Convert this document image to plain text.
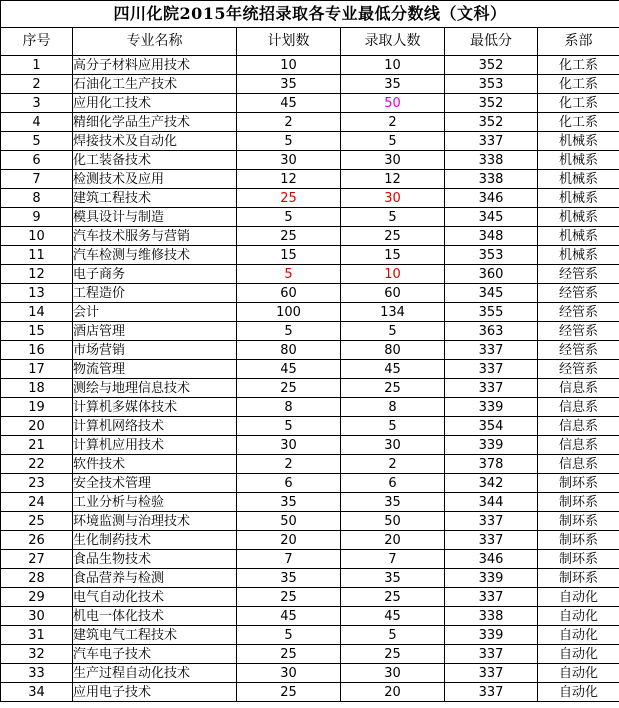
四川化院2015年统招录取各专业最低分数线（文科）					
序号	专业名称	计划数	录取人数	最低分	系部
1	高分子材料应用技术	10	10	352	化工系
2	石油化工生产技术	35	35	353	化工系
3	应用化工技术	45	50	352	化工系
4	精细化学品生产技术	2	2	352	化工系
5	焊接技术及自动化	5	5	337	机械系
6	化工装备技术	30	30	338	机械系
7	检测技术及应用	12	12	338	机械系
8	建筑工程技术	25	30	346	机械系
9	模具设计与制造	5	5	345	机械系
10	汽车技术服务与营销	25	25	348	机械系
11	汽车检测与维修技术	15	15	353	机械系
12	电子商务	5	10	360	经管系
13	工程造价	60	60	345	经管系
14	会计	100	134	355	经管系
15	酒店管理	5	5	363	经管系
16	市场营销	80	80	337	经管系
17	物流管理	45	45	337	经管系
18	测绘与地理信息技术	25	25	337	信息系
19	计算机多媒体技术	8	8	339	信息系
20	计算机网络技术	5	5	354	信息系
21	计算机应用技术	30	30	339	信息系
22	软件技术	2	2	378	信息系
23	安全技术管理	6	6	342	制环系
24	工业分析与检验	35	35	344	制环系
25	环境监测与治理技术	50	50	337	制环系
26	生化制药技术	20	20	337	制环系
27	食品生物技术	7	7	346	制环系
28	食品营养与检测	35	35	339	制环系
29	电气自动化技术	25	25	337	自动化
30	机电一体化技术	45	45	338	自动化
31	建筑电气工程技术	5	5	339	自动化
32	汽车电子技术	25	25	337	自动化
33	生产过程自动化技术	30	30	337	自动化
34	应用电子技术	25	20	337	自动化
